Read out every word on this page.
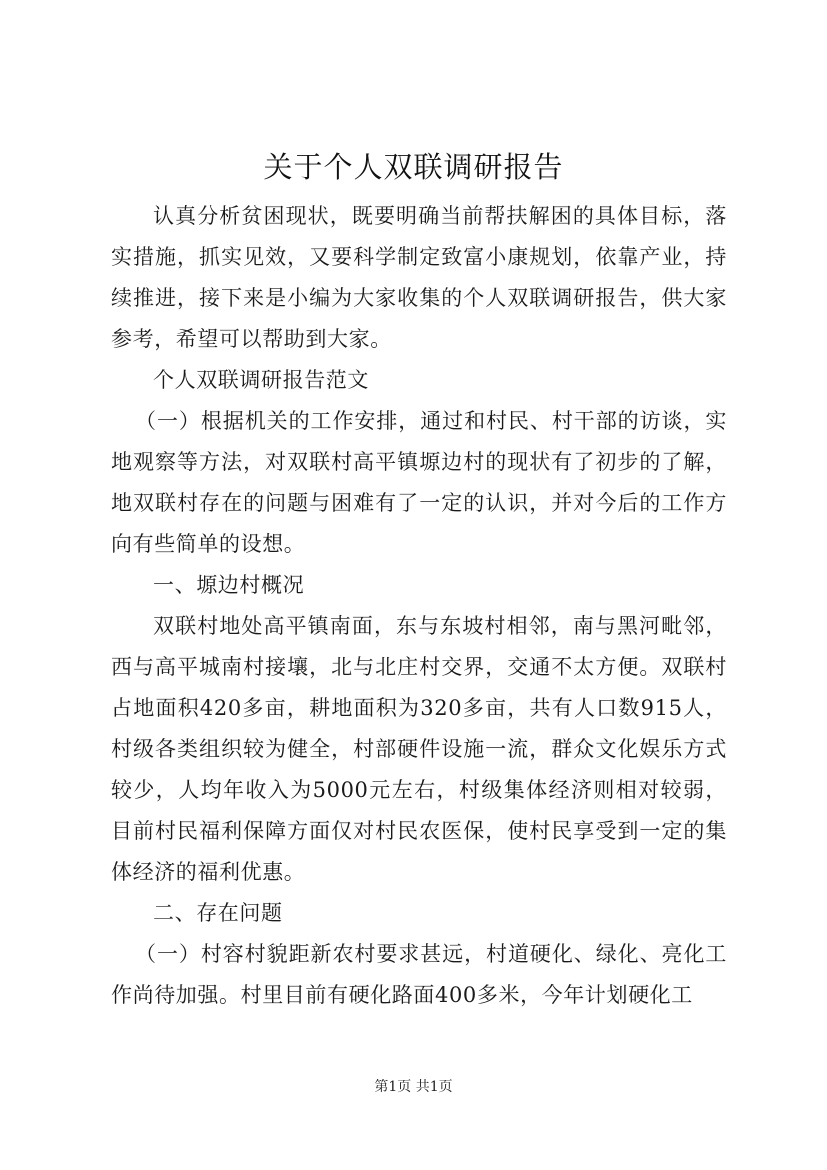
关于个人双联调研报告

认真分析贫困现状，既要明确当前帮扶解困的具体目标，落实措施，抓实见效，又要科学制定致富小康规划，依靠产业，持续推进，接下来是小编为大家收集的个人双联调研报告，供大家参考，希望可以帮助到大家。

个人双联调研报告范文

（一）根据机关的工作安排，通过和村民、村干部的访谈，实地观察等方法，对双联村高平镇塬边村的现状有了初步的了解，地双联村存在的问题与困难有了一定的认识，并对今后的工作方向有些简单的设想。

一、塬边村概况

双联村地处高平镇南面，东与东坡村相邻，南与黑河毗邻，西与高平城南村接壤，北与北庄村交界，交通不太方便。双联村占地面积420多亩，耕地面积为320多亩，共有人口数915人，村级各类组织较为健全，村部硬件设施一流，群众文化娱乐方式较少，人均年收入为5000元左右，村级集体经济则相对较弱，目前村民福利保障方面仅对村民农医保，使村民享受到一定的集体经济的福利优惠。

二、存在问题

（一）村容村貌距新农村要求甚远，村道硬化、绿化、亮化工作尚待加强。村里目前有硬化路面400多米，今年计划硬化工

第1页 共1页
